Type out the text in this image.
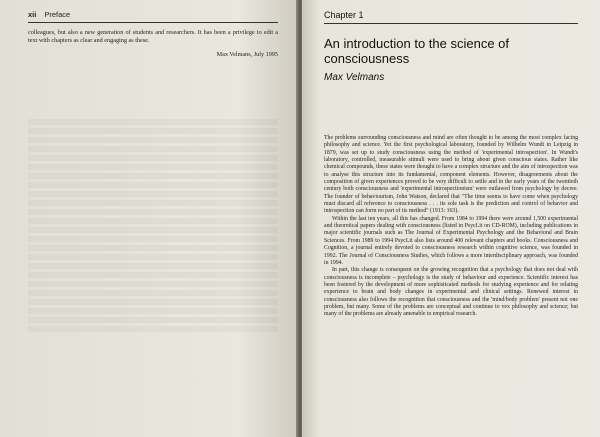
xii Preface

colleagues, but also a new generation of students and researchers. It has been a privilege to edit a text with chapters as clear and engaging as these.

Max Velmans, July 1995
Chapter 1
An introduction to the science of consciousness
Max Velmans

The problems surrounding consciousness and mind are often thought to be among the most complex facing philosophy and science. Yet the first psychological laboratory, founded by Wilhelm Wundt in Leipzig in 1879, was set up to study consciousness using the method of 'experimental introspection'. In Wundt's laboratory, controlled, measurable stimuli were used to bring about given conscious states. Rather like chemical compounds, these states were thought to have a complex structure and the aim of introspection was to analyse this structure into its fundamental, component elements. However, disagreements about the composition of given experiences proved to be very difficult to settle and in the early years of the twentieth century both consciousness and 'experimental introspectionism' were outlawed from psychology by decree. The founder of behaviourism, John Watson, declared that "The time seems to have come when psychology must discard all reference to consciousness . . . its sole task is the prediction and control of behavior and introspection can form no part of its method" (1913: 163).

Within the last ten years, all this has changed. From 1984 to 1994 there were around 1,500 experimental and theoretical papers dealing with consciousness (listed in PsycLit on CD-ROM), including publications in major scientific journals such as The Journal of Experimental Psychology and the Behavioral and Brain Sciences. From 1989 to 1994 PsycLit also lists around 400 relevant chapters and books. Consciousness and Cognition, a journal entirely devoted to consciousness research within cognitive science, was founded in 1992. The Journal of Consciousness Studies, which follows a more interdisciplinary approach, was founded in 1994.

In part, this change is consequent on the growing recognition that a psychology that does not deal with consciousness is incomplete – psychology is the study of behaviour and experience. Scientific interest has been fostered by the development of more sophisticated methods for studying experience and for relating experience to brain and body changes in experimental and clinical settings. Renewed interest in consciousness also follows the recognition that consciousness and the 'mind/body problem' present not one problem, but many. Some of the problems are conceptual and continue to vex philosophy and science; but many of the problems are already amenable to empirical research.
